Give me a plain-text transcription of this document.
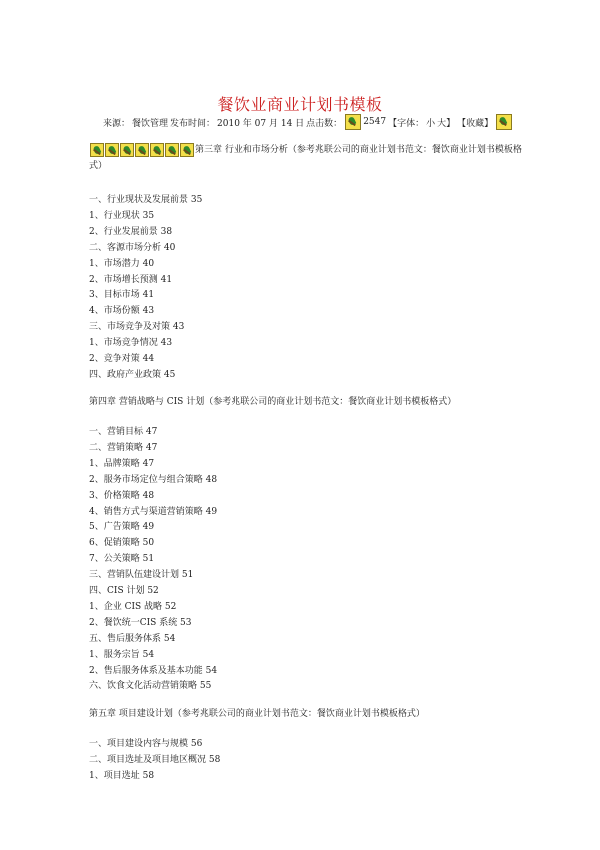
餐饮业商业计划书模板
来源： 餐饮管理 发布时间： 2010 年 07 月 14 日 点击数： 2547 【字体： 小 大】 【收藏】
第三章 行业和市场分析（参考兆联公司的商业计划书范文：餐饮商业计划书模板格式）
一、行业现状及发展前景 35
1、行业现状 35
2、行业发展前景 38
二、客源市场分析 40
1、市场潜力 40
2、市场增长预测 41
3、目标市场 41
4、市场份额 43
三、市场竞争及对策 43
1、市场竞争情况 43
2、竞争对策 44
四、政府产业政策 45
第四章 营销战略与 CIS 计划（参考兆联公司的商业计划书范文：餐饮商业计划书模板格式）
一、营销目标 47
二、营销策略 47
1、品牌策略 47
2、服务市场定位与组合策略 48
3、价格策略 48
4、销售方式与渠道营销策略 49
5、广告策略 49
6、促销策略 50
7、公关策略 51
三、营销队伍建设计划 51
四、CIS 计划 52
1、企业 CIS 战略 52
2、餐饮统一CIS 系统 53
五、售后服务体系 54
1、服务宗旨 54
2、售后服务体系及基本功能 54
六、饮食文化活动营销策略 55
第五章 项目建设计划（参考兆联公司的商业计划书范文：餐饮商业计划书模板格式）
一、项目建设内容与规模 56
二、项目选址及项目地区概况 58
1、项目选址 58
